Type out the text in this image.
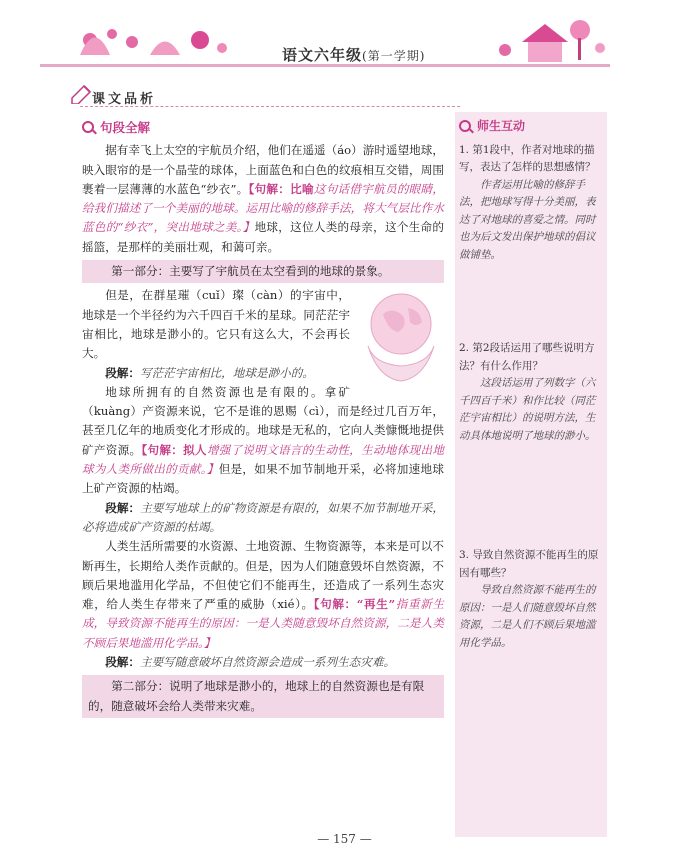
语文六年级(第一学期)
课文品析
句段全解

据有幸飞上太空的宇航员介绍，他们在遥遥（áo）游时遥望地球，映入眼帘的是一个晶莹的球体，上面蓝色和白色的纹痕相互交错，周围裹着一层薄薄的水蓝色“纱衣”。【句解：比喻这句话借宇航员的眼睛，给我们描述了一个美丽的地球。运用比喻的修辞手法，将大气层比作水蓝色的“纱衣”，突出地球之美。】地球，这位人类的母亲，这个生命的摇篮，是那样的美丽壮观，和蔼可亲。

第一部分：主要写了宇航员在太空看到的地球的景象。

但是，在群星璀（cuǐ）璨（càn）的宇宙中，地球是一个半径约为六千四百千米的星球。同茫茫宇宙相比，地球是渺小的。它只有这么大，不会再长大。

段解：写茫茫宇宙相比，地球是渺小的。

地球所拥有的自然资源也是有限的。拿矿（kuàng）产资源来说，它不是谁的恩赐（cì），而是经过几百万年，甚至几亿年的地质变化才形成的。地球是无私的，它向人类慷慨地提供矿产资源。【句解：拟人增强了说明文语言的生动性，生动地体现出地球为人类所做出的贡献。】但是，如果不加节制地开采，必将加速地球上矿产资源的枯竭。

段解：主要写地球上的矿物资源是有限的，如果不加节制地开采，必将造成矿产资源的枯竭。

人类生活所需要的水资源、土地资源、生物资源等，本来是可以不断再生，长期给人类作贡献的。但是，因为人们随意毁坏自然资源，不顾后果地滥用化学品，不但使它们不能再生，还造成了一系列生态灾难，给人类生存带来了严重的威胁（xié）。【句解：“再生”指重新生成，导致资源不能再生的原因：一是人类随意毁坏自然资源，二是人类不顾后果地滥用化学品。】

段解：主要写随意破坏自然资源会造成一系列生态灾难。

第二部分：说明了地球是渺小的，地球上的自然资源也是有限的，随意破坏会给人类带来灾难。
师生互动
1. 第1段中，作者对地球的描写，表达了怎样的思想感情？
作者运用比喻的修辞手法，把地球写得十分美丽，表达了对地球的喜爱之情。同时也为后文发出保护地球的倡议做铺垫。
2. 第2段话运用了哪些说明方法？有什么作用？
这段话运用了列数字（六千四百千米）和作比较（同茫茫宇宙相比）的说明方法，生动具体地说明了地球的渺小。
3. 导致自然资源不能再生的原因有哪些？
导致自然资源不能再生的原因：一是人们随意毁坏自然资源，二是人们不顾后果地滥用化学品。
— 157 —
